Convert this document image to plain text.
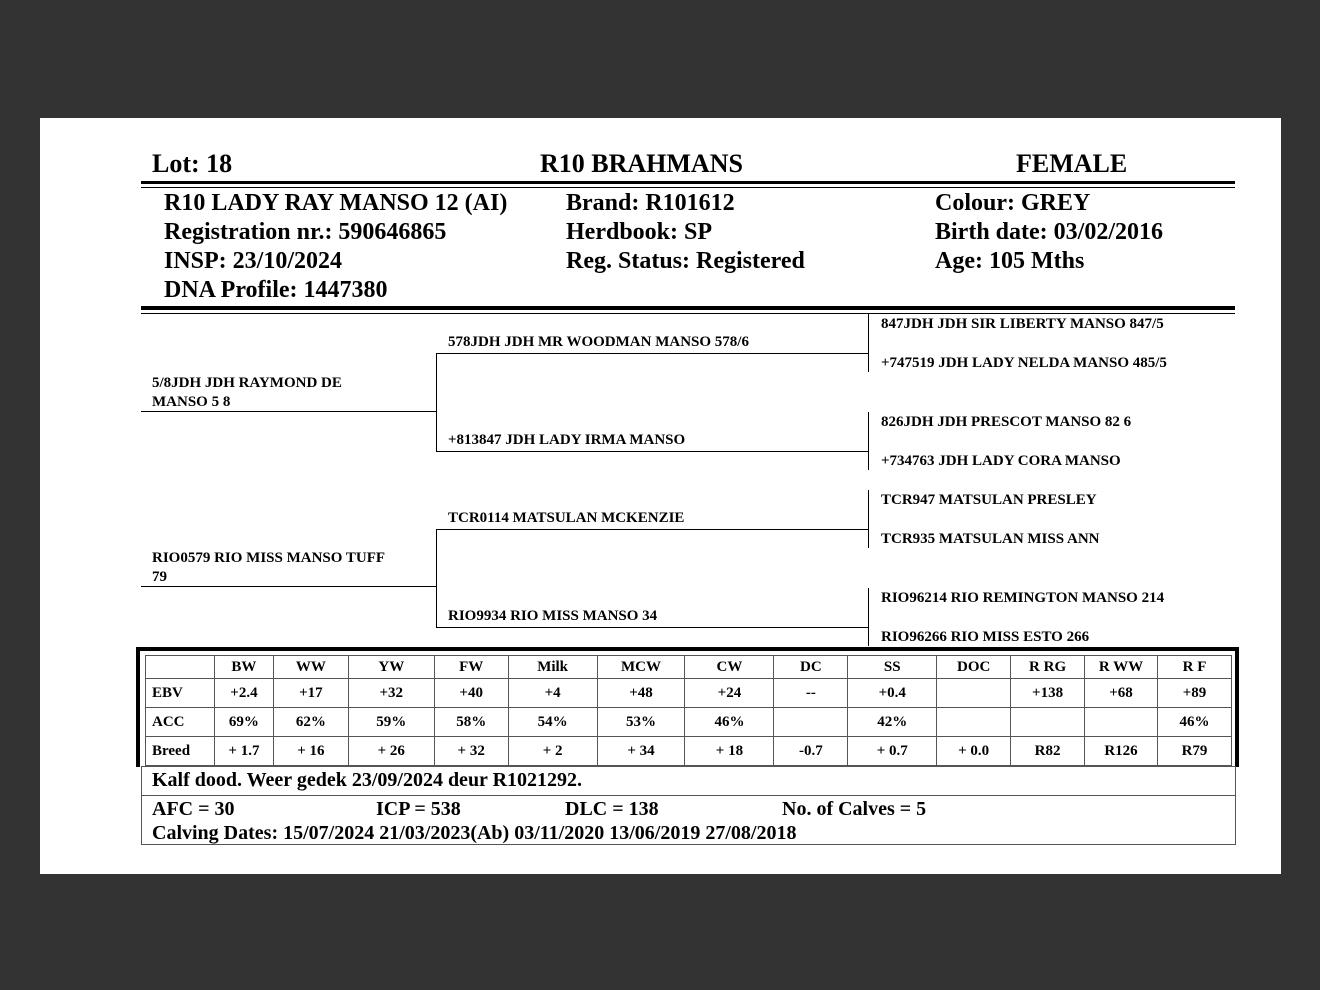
Lot: 18	R10 BRAHMANS	FEMALE
R10 LADY RAY MANSO 12 (AI)
Registration nr.: 590646865
INSP: 23/10/2024
DNA Profile: 1447380
Brand: R101612
Herdbook: SP
Reg. Status: Registered
Colour: GREY
Birth date: 03/02/2016
Age: 105 Mths
5/8JDH JDH RAYMOND DE
MANSO 5 8
RIO0579 RIO MISS MANSO TUFF
79
578JDH JDH MR WOODMAN MANSO 578/6
+813847 JDH LADY IRMA MANSO
TCR0114 MATSULAN MCKENZIE
RIO9934 RIO MISS MANSO 34
847JDH JDH SIR LIBERTY MANSO 847/5
+747519 JDH LADY NELDA MANSO 485/5
826JDH JDH PRESCOT MANSO 82 6
+734763 JDH LADY CORA MANSO
TCR947 MATSULAN PRESLEY
TCR935 MATSULAN MISS ANN
RIO96214 RIO REMINGTON MANSO 214
RIO96266 RIO MISS ESTO 266
	BW	WW	YW	FW	Milk	MCW	CW	DC	SS	DOC	R RG	R WW	R F
EBV	+2.4	+17	+32	+40	+4	+48	+24	--	+0.4		+138	+68	+89
ACC	69%	62%	59%	58%	54%	53%	46%		42%				46%
Breed	+ 1.7	+ 16	+ 26	+ 32	+ 2	+ 34	+ 18	-0.7	+ 0.7	+ 0.0	R82	R126	R79
Kalf dood. Weer gedek 23/09/2024 deur R1021292.
AFC = 30	ICP = 538	DLC = 138	No. of Calves = 5
Calving Dates: 15/07/2024 21/03/2023(Ab) 03/11/2020 13/06/2019 27/08/2018
